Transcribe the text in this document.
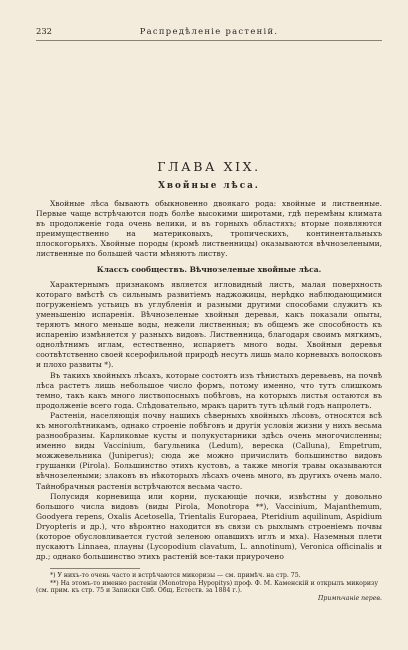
232	Распредѣленіе растеній.
ГЛАВА XIX.
Хвойные лѣса.

Хвойные лѣса бываютъ обыкновенно двоякаго рода: хвойные и лиственные. Первые чаще встрѣчаются подъ болѣе высокими широтами, гдѣ перемѣны климата въ продолженіе года очень велики, и въ горныхъ областяхъ; вторые появляются преимущественно на материковыхъ, тропическихъ, континентальныхъ плоскогорьяхъ. Хвойные породы (кромѣ лиственницы) оказываются вѣчнозелеными, лиственные по большей части мѣняютъ листву.

Классъ сообществъ. Вѣчнозеленые хвойные лѣса.

Характернымъ признакомъ является игловидный листъ, малая поверхность котораго вмѣстѣ съ сильнымъ развитіемъ наджожицы, нерѣдко наблюдающимися погруженіемъ устьицъ въ углубленія и разными другими способами служитъ къ уменьшенію испаренія. Вѣчнозеленые хвойныя деревья, какъ показали опыты, теряютъ много меньше воды, нежели лиственныя; въ общемъ же способность къ испаренію измѣняется у разныхъ видовъ. Лиственница, благодаря своимъ мягкимъ, однолѣтнимъ иглам, естественно, испаряетъ много воды. Хвойныя деревья соотвѣтственно своей ксерофильной природѣ несутъ лишь мало корневыхъ волосковъ и плохо развиты *).

Въ такихъ хвойныхъ лѣсахъ, которые состоятъ изъ тѣнистыхъ деревьевъ, на почвѣ лѣса растетъ лишь небольшое число формъ, потому именно, что тутъ слишкомъ темно, такъ какъ много листвопосныхъ побѣговъ, на которыхъ листья остаются въ продолженіе всего года. Слѣдовательно, мракъ царитъ тутъ цѣлый годъ напролетъ.

Растенія, населяющія почву нашихъ сѣверныхъ хвойныхъ лѣсовъ, относятся всѣ къ многолѣтникамъ, однако строеніе побѣговъ и другія условія жизни у нихъ весьма разнообразны. Карликовые кусты и полукустарники здѣсь очень многочисленны; именно виды Vaccinium, багульника (Ledum), вереска (Calluna), Empetrum, можжевельника (Juniperus); сюда же можно причислить большинство видовъ грушанки (Pirola). Большинство этихъ кустовъ, а также многія травы оказываются вѣчнозелеными; злаковъ въ нѣкоторыхъ лѣсахъ очень много, въ другихъ очень мало. Тайнобрачныя растенія встрѣчаются весьма часто.

Полусидя корневища или корни, пускающіе почки, извѣстны у довольно большого числа видовъ (виды Pirola, Monotropa **), Vaccinium, Majanthemum, Goodyera repens, Oxalis Acetosella, Trientalis Europaea, Pteridium aquilinum, Aspidium Dryopteris и др.), что вѣроятно находится въ связи съ рыхлымъ строеніемъ почвы (которое обусловливается густой зеленою опавшихъ иглъ и мха). Наземныя плети пускаютъ Linnaea, плауны (Lycopodium clavatum, L. annotinum), Veronica officinalis и др.; однако большинство этихъ растеній все-таки приурочено

*) У нихъ-то очень часто и встрѣчаются микоризы — см. примѣч. на стр. 75.

**) На этомъ-то именно растеніи (Monotropa Hypopitys) проф. Ф. М. Каменскій и открылъ микоризу (см. прим. къ стр. 75 и Записки Спб. Общ. Естеств. за 1884 г.).

Примѣчаніе перев.
